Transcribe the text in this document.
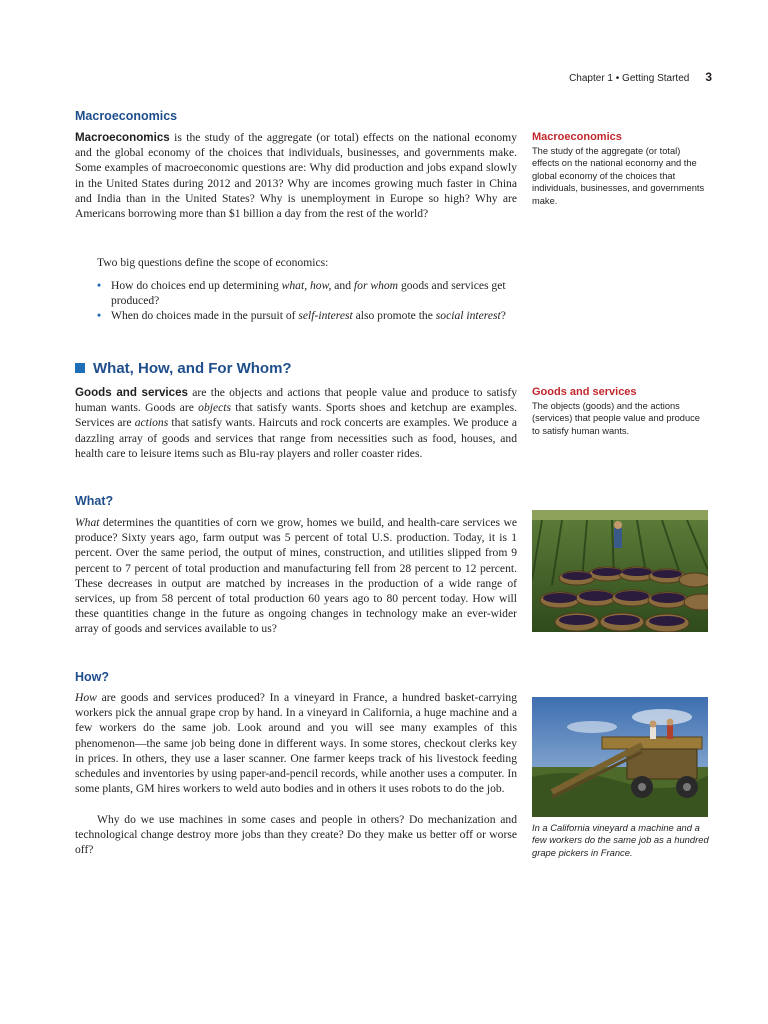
Chapter 1 • Getting Started 3
Macroeconomics

Macroeconomics is the study of the aggregate (or total) effects on the national economy and the global economy of the choices that individuals, businesses, and governments make. Some examples of macroeconomic questions are: Why did production and jobs expand slowly in the United States during 2012 and 2013? Why are incomes growing much faster in China and India than in the United States? Why is unemployment in Europe so high? Why are Americans borrowing more than $1 billion a day from the rest of the world?

Macroeconomics

The study of the aggregate (or total) effects on the national economy and the global economy of the choices that individuals, businesses, and governments make.

Two big questions define the scope of economics:

• How do choices end up determining what, how, and for whom goods and services get produced?
• When do choices made in the pursuit of self-interest also promote the social interest?
What, How, and For Whom?

Goods and services are the objects and actions that people value and produce to satisfy human wants. Goods are objects that satisfy wants. Sports shoes and ketchup are examples. Services are actions that satisfy wants. Haircuts and rock concerts are examples. We produce a dazzling array of goods and services that range from necessities such as food, houses, and health care to leisure items such as Blu-ray players and roller coaster rides.

Goods and services

The objects (goods) and the actions (services) that people value and produce to satisfy human wants.

What?

What determines the quantities of corn we grow, homes we build, and health-care services we produce? Sixty years ago, farm output was 5 percent of total U.S. production. Today, it is 1 percent. Over the same period, the output of mines, construction, and utilities slipped from 9 percent to 7 percent of total production and manufacturing fell from 28 percent to 12 percent. These decreases in output are matched by increases in the production of a wide range of services, up from 58 percent of total production 60 years ago to 80 percent today. How will these quantities change in the future as ongoing changes in technology make an ever-wider array of goods and services available to us?

How?

How are goods and services produced? In a vineyard in France, a hundred basket-carrying workers pick the annual grape crop by hand. In a vineyard in California, a huge machine and a few workers do the same job. Look around and you will see many examples of this phenomenon—the same job being done in different ways. In some stores, checkout clerks key in prices. In others, they use a laser scanner. One farmer keeps track of his livestock feeding schedules and inventories by using paper-and-pencil records, while another uses a computer. In some plants, GM hires workers to weld auto bodies and in others it uses robots to do the job.

Why do we use machines in some cases and people in others? Do mechanization and technological change destroy more jobs than they create? Do they make us better off or worse off?

In a California vineyard a machine and a few workers do the same job as a hundred grape pickers in France.
